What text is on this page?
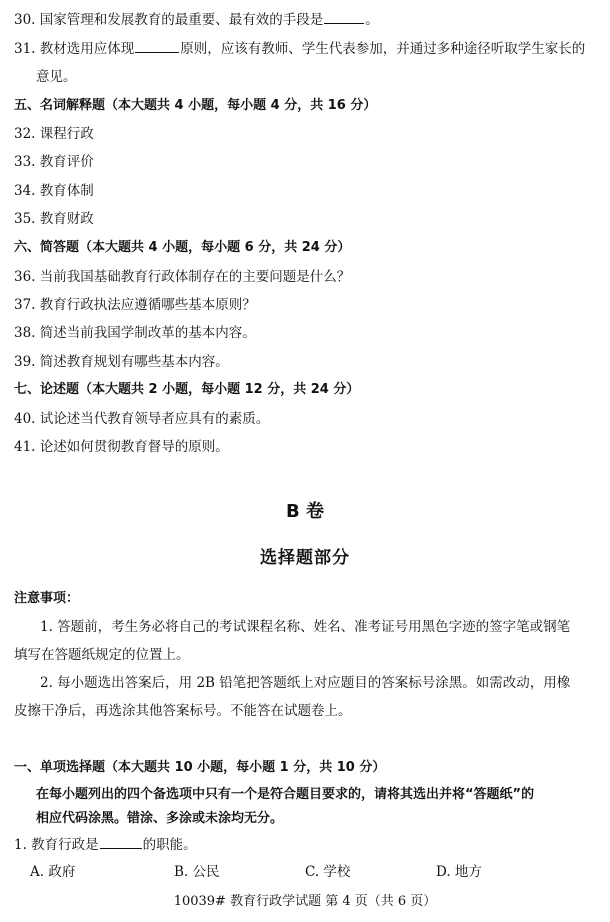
30. 国家管理和发展教育的最重要、最有效的手段是	。
31. 教材选用应体现	原则，应该有教师、学生代表参加，并通过多种途径听取学生家长的
意见。
五、名词解释题（本大题共 4 小题，每小题 4 分，共 16 分）
32. 课程行政
33. 教育评价
34. 教育体制
35. 教育财政
六、简答题（本大题共 4 小题，每小题 6 分，共 24 分）
36. 当前我国基础教育行政体制存在的主要问题是什么？
37. 教育行政执法应遵循哪些基本原则？
38. 简述当前我国学制改革的基本内容。
39. 简述教育规划有哪些基本内容。
七、论述题（本大题共 2 小题，每小题 12 分，共 24 分）
40. 试论述当代教育领导者应具有的素质。
41. 论述如何贯彻教育督导的原则。
B 卷
选择题部分
注意事项：
1. 答题前，考生务必将自己的考试课程名称、姓名、准考证号用黑色字迹的签字笔或钢笔
填写在答题纸规定的位置上。
2. 每小题选出答案后，用 2B 铅笔把答题纸上对应题目的答案标号涂黑。如需改动，用橡
皮擦干净后，再选涂其他答案标号。不能答在试题卷上。
一、单项选择题（本大题共 10 小题，每小题 1 分，共 10 分）
在每小题列出的四个备选项中只有一个是符合题目要求的，请将其选出并将“答题纸”的
相应代码涂黑。错涂、多涂或未涂均无分。
1. 教育行政是	的职能。
A. 政府	B. 公民	C. 学校	D. 地方
10039# 教育行政学试题 第 4 页（共 6 页）
